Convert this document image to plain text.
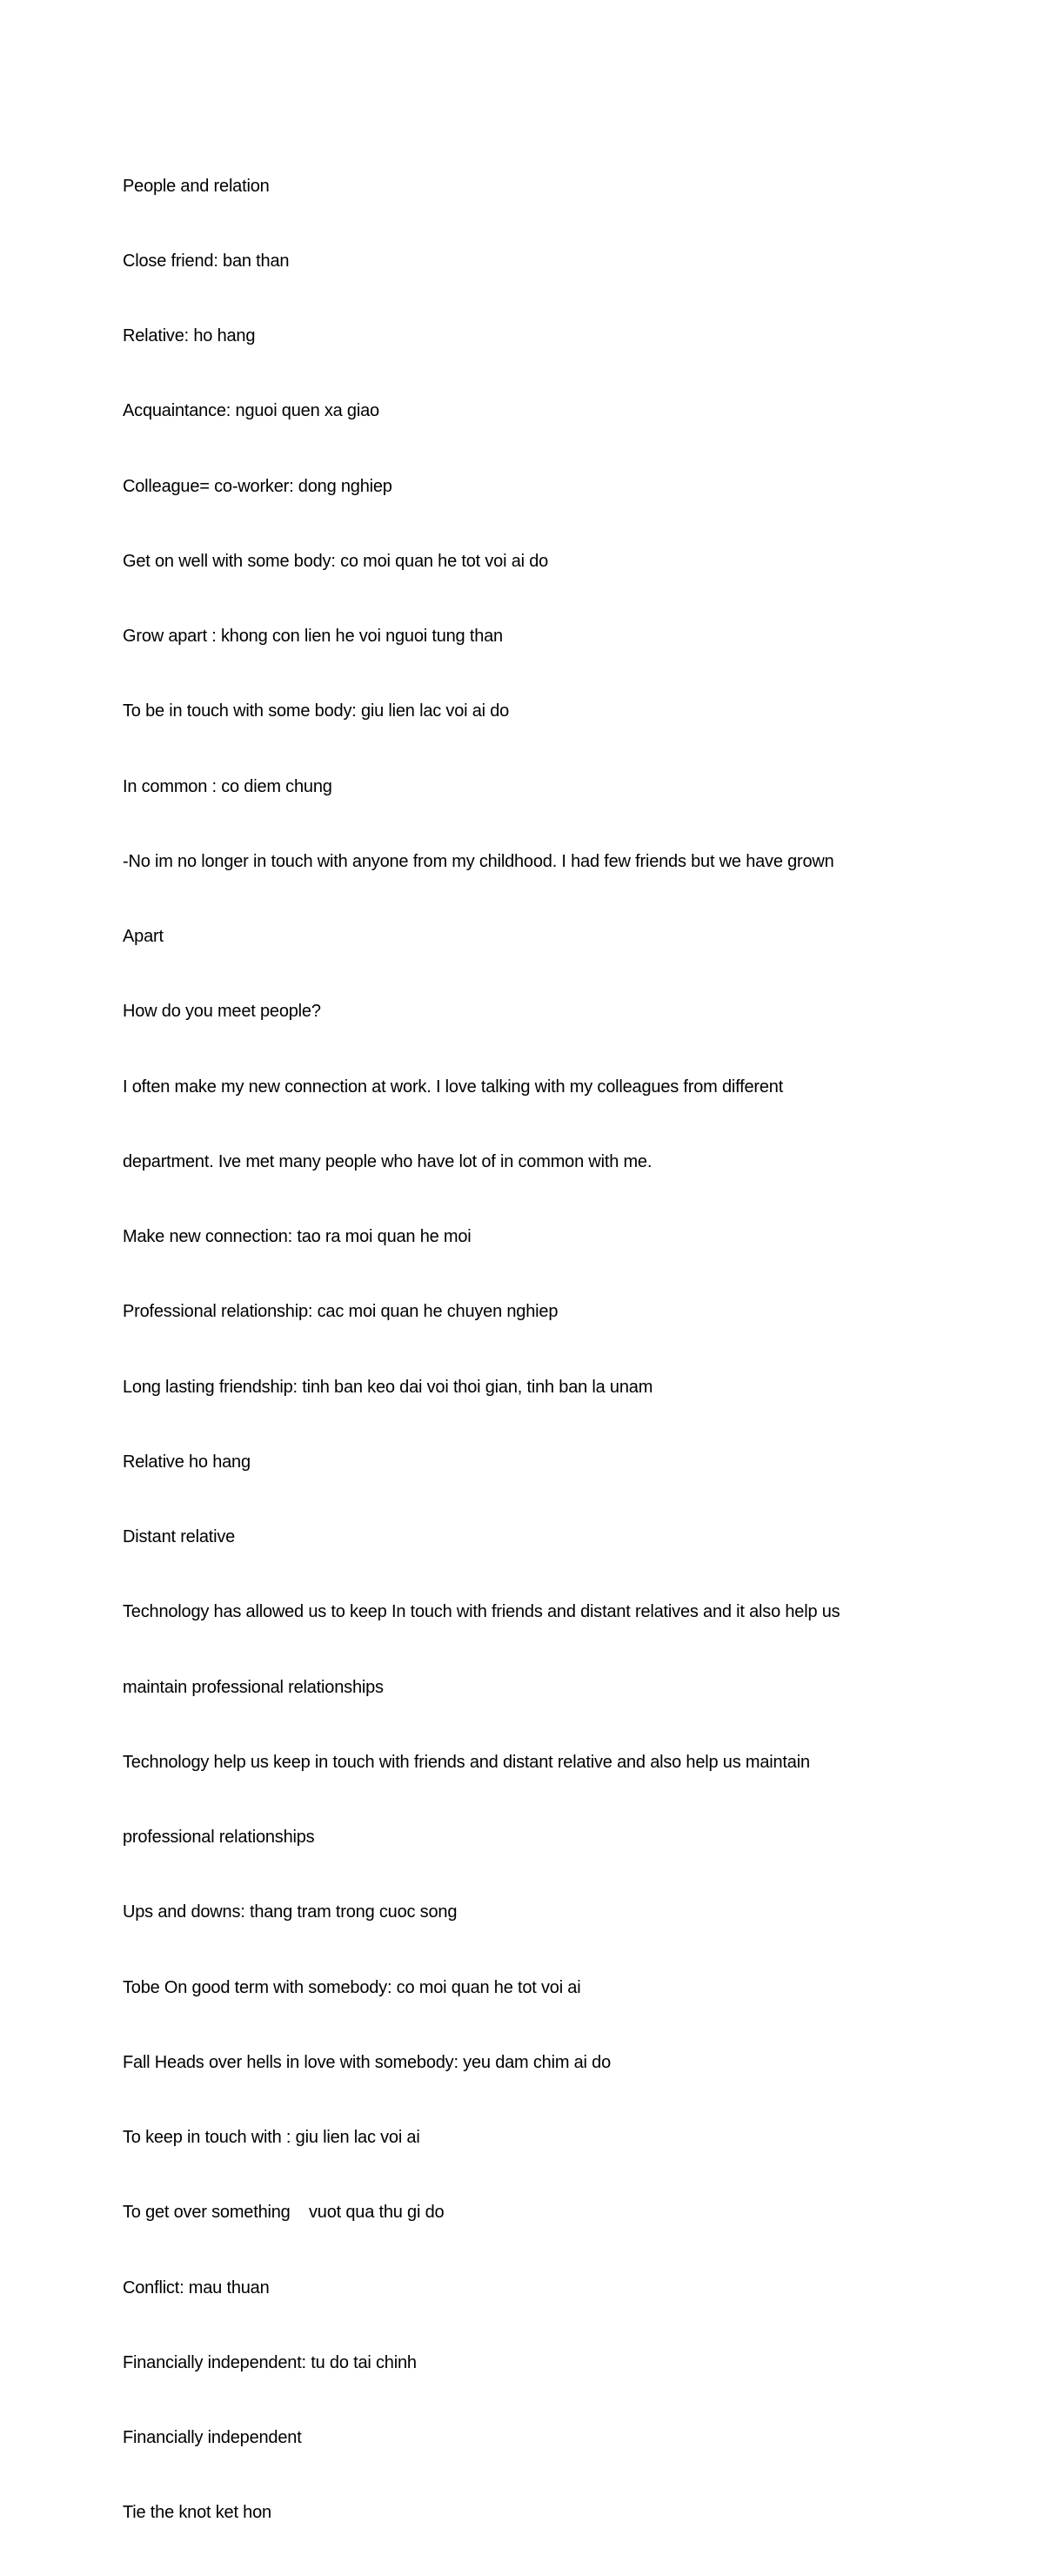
People and relation

Close friend: ban than

Relative: ho hang

Acquaintance: nguoi quen xa giao

Colleague= co-worker: dong nghiep

Get on well with some body: co moi quan he tot voi ai do

Grow apart : khong con lien he voi nguoi tung than

To be in touch with some body: giu lien lac voi ai do

In common : co diem chung

-No im no longer in touch with anyone from my childhood. I had few friends but we have grown

Apart

How do you meet people?

I often make my new connection at work. I love talking with my colleagues from different

department. Ive met many people who have lot of in common with me.

Make new connection: tao ra moi quan he moi

Professional relationship: cac moi quan he chuyen nghiep

Long lasting friendship: tinh ban keo dai voi thoi gian, tinh ban la unam

Relative ho hang

Distant relative

Technology has allowed us to keep In touch with friends and distant relatives and it also help us

maintain professional relationships

Technology help us keep in touch with friends and distant relative and also help us maintain

professional relationships

Ups and downs: thang tram trong cuoc song

Tobe On good term with somebody: co moi quan he tot voi ai

Fall Heads over hells in love with somebody: yeu dam chim ai do

To keep in touch with : giu lien lac voi ai

To get over something    vuot qua thu gi do

Conflict: mau thuan

Financially independent: tu do tai chinh

Financially independent

Tie the knot ket hon
